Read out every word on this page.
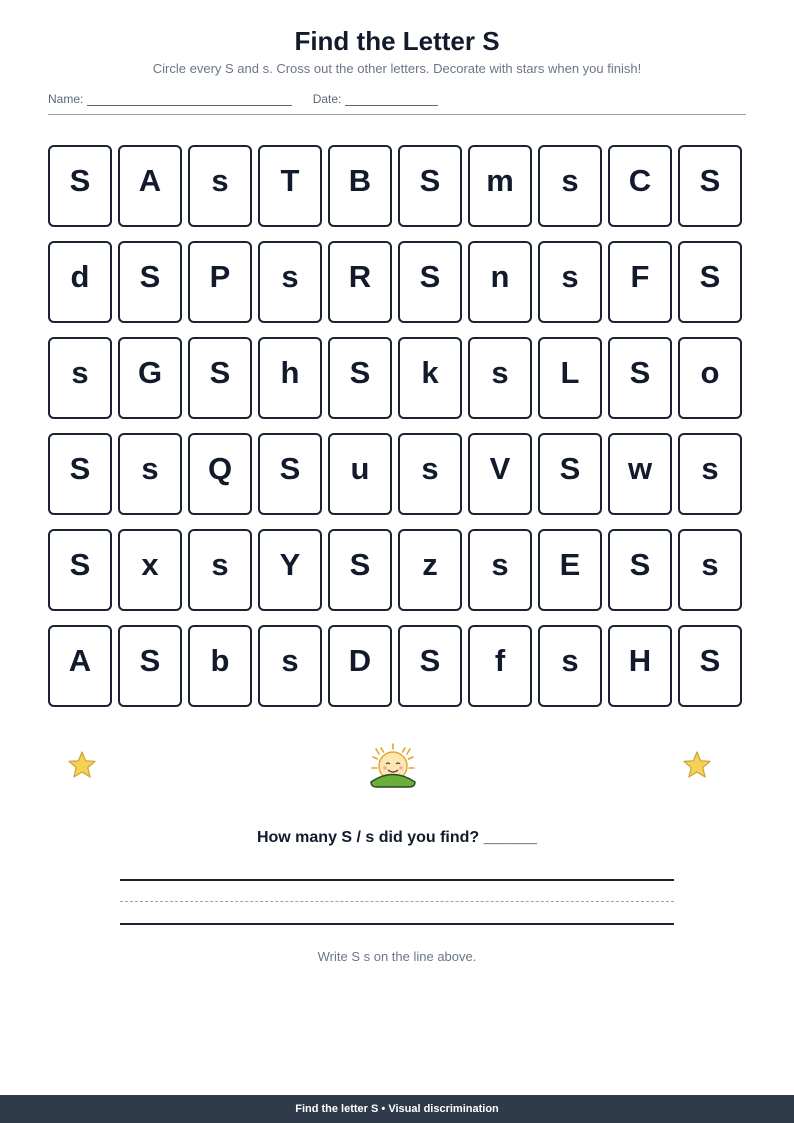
Find the Letter S
Circle every S and s. Cross out the other letters. Decorate with stars when you finish!
Name:	Date:
S A s T B S m s C S
d S P s R S n s F S
s G S h S k s L S o
S s Q S u s V S w s
S x s Y S z s E S s
A S b s D S f s H S
How many S / s did you find? ______
Write S s on the line above.
Find the letter S • Visual discrimination
